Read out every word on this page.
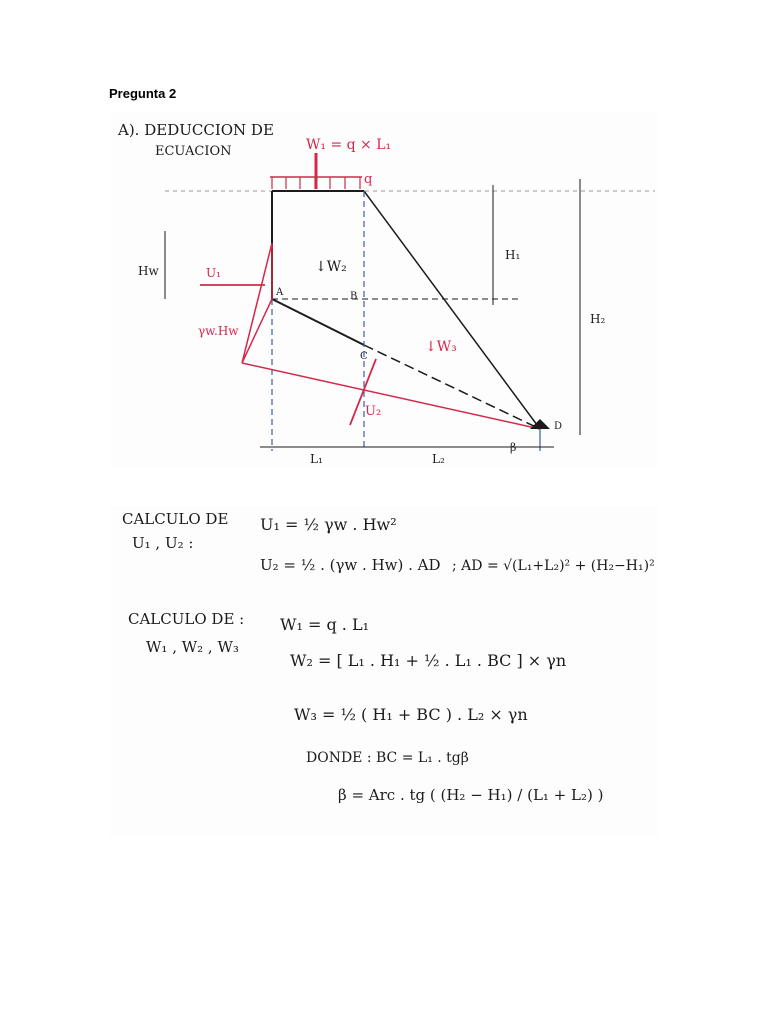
Pregunta 2
A). DEDUCCION DE
ECUACION	W₁ = q × L₁
q
↓W₂
↓W₃
U₁
U₂
Hw
γw.Hw
H₁
H₂
L₁	L₂
A	B
C
D
β
CALCULO DE
U₁ , U₂ :
U₁ = ½ γw . Hw²
U₂ = ½ . (γw . Hw) . AD ; AD = √(L₁+L₂)² + (H₂−H₁)²
CALCULO DE :
W₁ , W₂ , W₃
W₁ = q . L₁
W₂ = [ L₁ . H₁ + ½ . L₁ . BC ] × γn
W₃ = ½ ( H₁ + BC ) . L₂ × γn
DONDE : BC = L₁ . tgβ
β = Arc . tg ( (H₂ − H₁) / (L₁ + L₂) )
